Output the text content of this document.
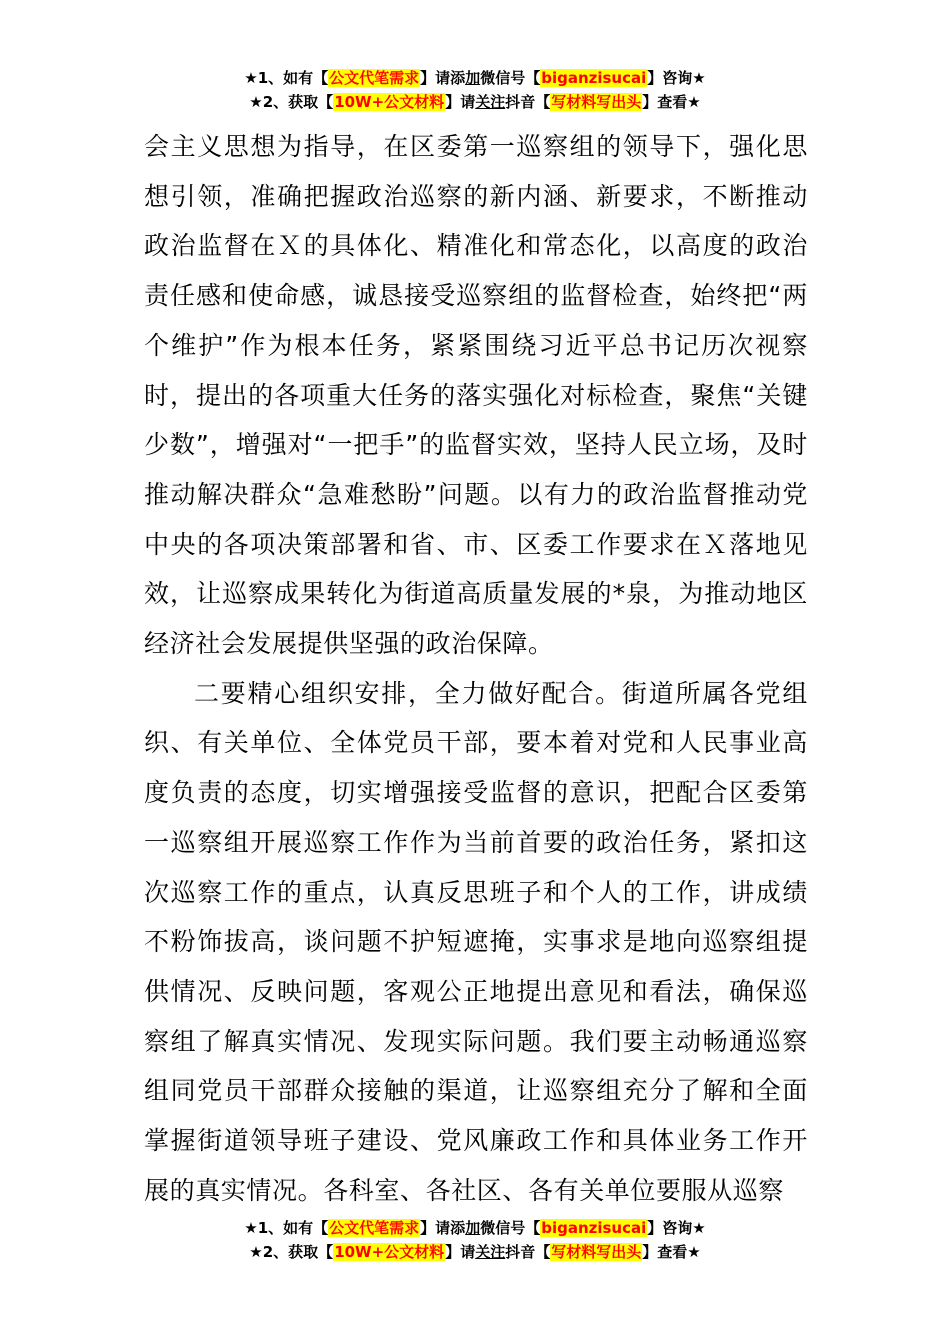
★1、如有【公文代笔需求】请添加微信号【biganzisucai】咨询★
★2、获取【10W+公文材料】请关注抖音【写材料写出头】查看★

会主义思想为指导，在区委第一巡察组的领导下，强化思想引领，准确把握政治巡察的新内涵、新要求，不断推动政治监督在Ｘ的具体化、精准化和常态化，以高度的政治责任感和使命感，诚恳接受巡察组的监督检查，始终把“两个维护”作为根本任务，紧紧围绕习近平总书记历次视察时，提出的各项重大任务的落实强化对标检查，聚焦“关键少数”，增强对“一把手”的监督实效，坚持人民立场，及时推动解决群众“急难愁盼”问题。以有力的政治监督推动党中央的各项决策部署和省、市、区委工作要求在Ｘ落地见效，让巡察成果转化为街道高质量发展的*泉，为推动地区经济社会发展提供坚强的政治保障。

二要精心组织安排，全力做好配合。街道所属各党组织、有关单位、全体党员干部，要本着对党和人民事业高度负责的态度，切实增强接受监督的意识，把配合区委第一巡察组开展巡察工作作为当前首要的政治任务，紧扣这次巡察工作的重点，认真反思班子和个人的工作，讲成绩不粉饰拔高，谈问题不护短遮掩，实事求是地向巡察组提供情况、反映问题，客观公正地提出意见和看法，确保巡察组了解真实情况、发现实际问题。我们要主动畅通巡察组同党员干部群众接触的渠道，让巡察组充分了解和全面掌握街道领导班子建设、党风廉政工作和具体业务工作开展的真实情况。各科室、各社区、各有关单位要服从巡察

★1、如有【公文代笔需求】请添加微信号【biganzisucai】咨询★
★2、获取【10W+公文材料】请关注抖音【写材料写出头】查看★
